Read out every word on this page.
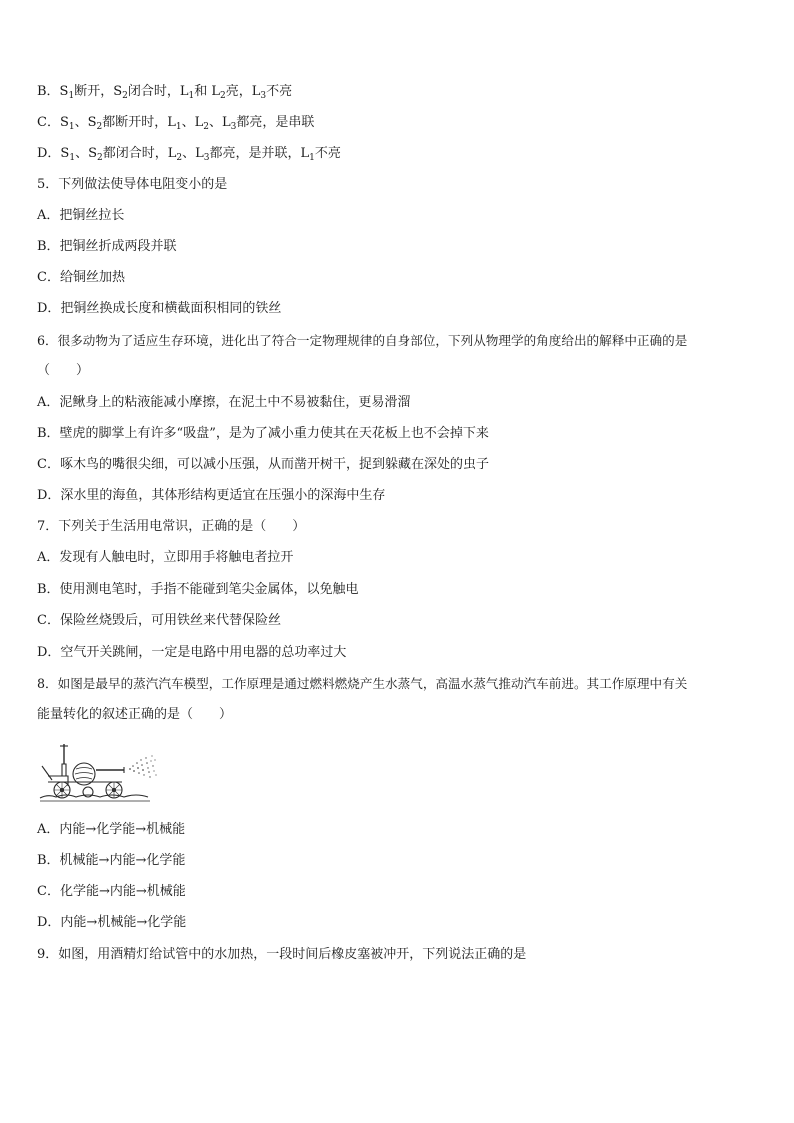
B．$S_1$断开，$S_2$闭合时，$L_1$和 $L_2$亮，$L_3$不亮
C．$S_1$、$S_2$都断开时，$L_1$、$L_2$、$L_3$都亮，是串联
D．$S_1$、$S_2$都闭合时，$L_2$、$L_3$都亮，是并联，$L_1$不亮
5．下列做法使导体电阻变小的是
A．把铜丝拉长
B．把铜丝折成两段并联
C．给铜丝加热
D．把铜丝换成长度和横截面积相同的铁丝
6．很多动物为了适应生存环境，进化出了符合一定物理规律的自身部位，下列从物理学的角度给出的解释中正确的是
（　　）
A．泥鳅身上的粘液能减小摩擦，在泥土中不易被黏住，更易滑溜
B．壁虎的脚掌上有许多“吸盘”，是为了减小重力使其在天花板上也不会掉下来
C．啄木鸟的嘴很尖细，可以减小压强，从而凿开树干，捉到躲藏在深处的虫子
D．深水里的海鱼，其体形结构更适宜在压强小的深海中生存
7．下列关于生活用电常识，正确的是（　　）
A．发现有人触电时，立即用手将触电者拉开
B．使用测电笔时，手指不能碰到笔尖金属体，以免触电
C．保险丝烧毁后，可用铁丝来代替保险丝
D．空气开关跳闸，一定是电路中用电器的总功率过大
8．如图是最早的蒸汽汽车模型，工作原理是通过燃料燃烧产生水蒸气，高温水蒸气推动汽车前进。其工作原理中有关
能量转化的叙述正确的是（　　）
A．内能→化学能→机械能
B．机械能→内能→化学能
C．化学能→内能→机械能
D．内能→机械能→化学能
9．如图，用酒精灯给试管中的水加热，一段时间后橡皮塞被冲开，下列说法正确的是
